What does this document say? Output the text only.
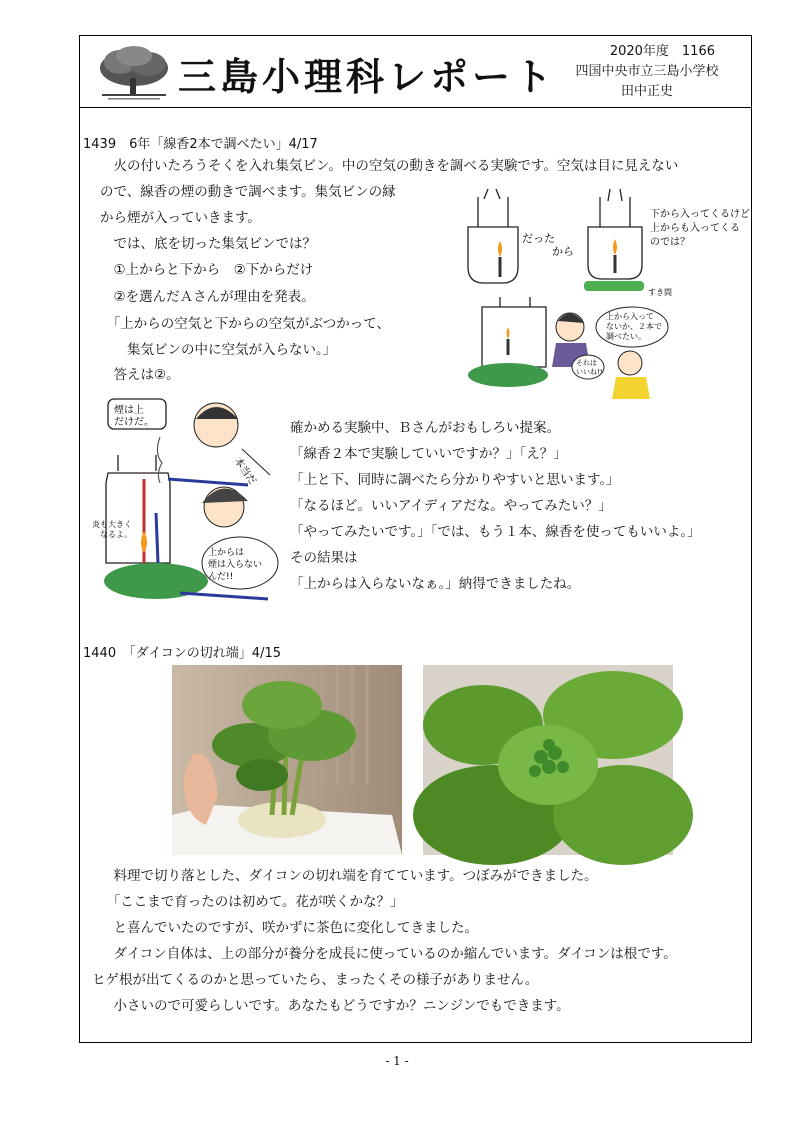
三島小理科レポート
2020年度　1166
四国中央市立三島小学校
田中正史
1439　6年「線香2本で調べたい」4/17
　火の付いたろうそくを入れ集気ビン。中の空気の動きを調べる実験です。空気は目に見えない
ので、線香の煙の動きで調べます。集気ビンの縁
から煙が入っていきます。
　では、底を切った集気ビンでは？
　①上からと下から　②下からだけ
　②を選んだＡさんが理由を発表。
　「上からの空気と下からの空気がぶつかって、
　　集気ビンの中に空気が入らない。」
　答えは②。
だった
から
下から入ってくるけど
上からも入ってくる
のでは？
すき間
上から入って
ないか、２本で
調べたい。
それは
いいね!!
煙は上
だけだ。
ねん土
炎も大きく
なるよ。
本当だ
上からは
煙は入らない
んだ!!
確かめる実験中、Ｂさんがおもしろい提案。
「線香２本で実験していいですか？」「え？」
「上と下、同時に調べたら分かりやすいと思います。」
「なるほど。いいアイディアだな。やってみたい？」
「やってみたいです。」「では、もう１本、線香を使ってもいいよ。」
その結果は
「上からは入らないなぁ。」納得できましたね。
1440　「ダイコンの切れ端」4/15
　料理で切り落とした、ダイコンの切れ端を育てています。つぼみができました。
　「ここまで育ったのは初めて。花が咲くかな？」
　と喜んでいたのですが、咲かずに茶色に変化してきました。
　ダイコン自体は、上の部分が養分を成長に使っているのか縮んでいます。ダイコンは根です。
ヒゲ根が出てくるのかと思っていたら、まったくその様子がありません。
　小さいので可愛らしいです。あなたもどうですか？ニンジンでもできます。
- 1 -
